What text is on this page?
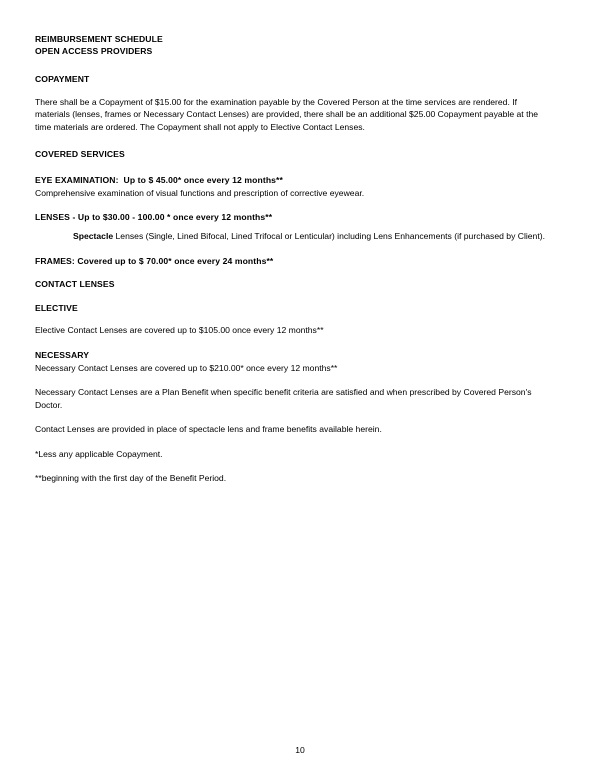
REIMBURSEMENT SCHEDULE
OPEN ACCESS PROVIDERS
COPAYMENT
There shall be a Copayment of $15.00 for the examination payable by the Covered Person at the time services are rendered. If materials (lenses, frames or Necessary Contact Lenses) are provided, there shall be an additional $25.00 Copayment payable at the time materials are ordered. The Copayment shall not apply to Elective Contact Lenses.
COVERED SERVICES
EYE EXAMINATION:  Up to $ 45.00* once every 12 months**
Comprehensive examination of visual functions and prescription of corrective eyewear.
LENSES - Up to $30.00 - 100.00 * once every 12 months**
Spectacle Lenses (Single, Lined Bifocal, Lined Trifocal or Lenticular) including Lens Enhancements (if purchased by Client).
FRAMES: Covered up to $ 70.00* once every 24 months**
CONTACT LENSES
ELECTIVE
Elective Contact Lenses are covered up to $105.00 once every 12 months**
NECESSARY
Necessary Contact Lenses are covered up to $210.00* once every 12 months**
Necessary Contact Lenses are a Plan Benefit when specific benefit criteria are satisfied and when prescribed by Covered Person's Doctor.
Contact Lenses are provided in place of spectacle lens and frame benefits available herein.
*Less any applicable Copayment.
**beginning with the first day of the Benefit Period.
10
